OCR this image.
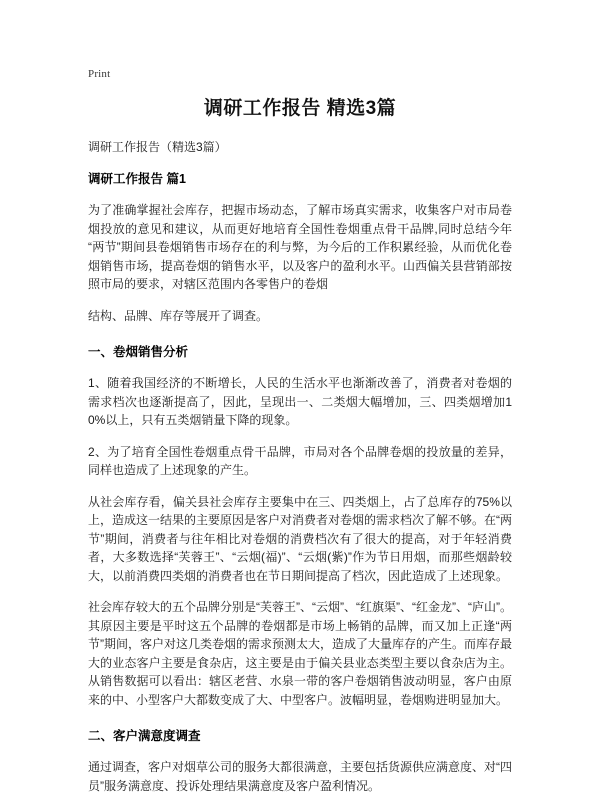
Print
调研工作报告 精选3篇

调研工作报告（精选3篇）

调研工作报告 篇1

为了准确掌握社会库存，把握市场动态，了解市场真实需求，收集客户对市局卷烟投放的意见和建议，从而更好地培育全国性卷烟重点骨干品牌,同时总结今年“两节”期间县卷烟销售市场存在的利与弊，为今后的工作积累经验，从而优化卷烟销售市场，提高卷烟的销售水平，以及客户的盈利水平。山西偏关县营销部按照市局的要求，对辖区范围内各零售户的卷烟

结构、品牌、库存等展开了调查。

一、卷烟销售分析

1、随着我国经济的不断增长，人民的生活水平也渐渐改善了，消费者对卷烟的需求档次也逐渐提高了，因此，呈现出一、二类烟大幅增加，三、四类烟增加10%以上，只有五类烟销量下降的现象。

2、为了培育全国性卷烟重点骨干品牌，市局对各个品牌卷烟的投放量的差异，同样也造成了上述现象的产生。

从社会库存看，偏关县社会库存主要集中在三、四类烟上，占了总库存的75%以上，造成这一结果的主要原因是客户对消费者对卷烟的需求档次了解不够。在“两节”期间，消费者与往年相比对卷烟的消费档次有了很大的提高，对于年轻消费者，大多数选择“芙蓉王”、“云烟(福)”、“云烟(紫)”作为节日用烟，而那些烟龄较大，以前消费四类烟的消费者也在节日期间提高了档次，因此造成了上述现象。

社会库存较大的五个品牌分别是“芙蓉王”、“云烟”、“红旗渠”、“红金龙”、“庐山”。其原因主要是平时这五个品牌的卷烟都是市场上畅销的品牌，而又加上正逢“两节”期间，客户对这几类卷烟的需求预测太大，造成了大量库存的产生。而库存最大的业态客户主要是食杂店，这主要是由于偏关县业态类型主要以食杂店为主。从销售数据可以看出：辖区老营、水泉一带的客户卷烟销售波动明显，客户由原来的中、小型客户大都数变成了大、中型客户。波幅明显，卷烟购进明显加大。

二、客户满意度调查

通过调查，客户对烟草公司的服务大都很满意，主要包括货源供应满意度、对“四员”服务满意度、投诉处理结果满意度及客户盈利情况。
